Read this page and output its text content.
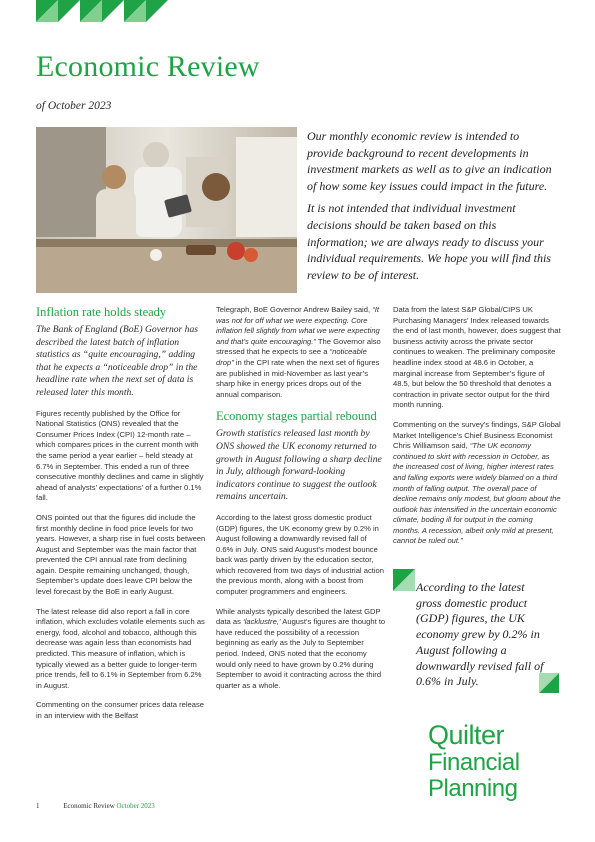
Economic Review
of October 2023

Our monthly economic review is intended to provide background to recent developments in investment markets as well as to give an indication of how some key issues could impact in the future.

It is not intended that individual investment decisions should be taken based on this information; we are always ready to discuss your individual requirements. We hope you will find this review to be of interest.

Inflation rate holds steady
The Bank of England (BoE) Governor has described the latest batch of inflation statistics as “quite encouraging,” adding that he expects a “noticeable drop” in the headline rate when the next set of data is released later this month.

Figures recently published by the Office for National Statistics (ONS) revealed that the Consumer Prices Index (CPI) 12-month rate – which compares prices in the current month with the same period a year earlier – held steady at 6.7% in September. This ended a run of three consecutive monthly declines and came in slightly ahead of analysts’ expectations’ of a further 0.1% fall.

ONS pointed out that the figures did include the first monthly decline in food price levels for two years. However, a sharp rise in fuel costs between August and September was the main factor that prevented the CPI annual rate from declining again. Despite remaining unchanged, though, September’s update does leave CPI below the level forecast by the BoE in early August.

The latest release did also report a fall in core inflation, which excludes volatile elements such as energy, food, alcohol and tobacco, although this decrease was again less than economists had predicted. This measure of inflation, which is typically viewed as a better guide to longer-term price trends, fell to 6.1% in September from 6.2% in August.

Commenting on the consumer prices data release in an interview with the Belfast

Telegraph, BoE Governor Andrew Bailey said, “It was not for off what we were expecting. Core inflation fell slightly from what we were expecting and that’s quite encouraging.” The Governor also stressed that he expects to see a “noticeable drop” in the CPI rate when the next set of figures are published in mid-November as last year’s sharp hike in energy prices drops out of the annual comparison.

Economy stages partial rebound
Growth statistics released last month by ONS showed the UK economy returned to growth in August following a sharp decline in July, although forward-looking indicators continue to suggest the outlook remains uncertain.

According to the latest gross domestic product (GDP) figures, the UK economy grew by 0.2% in August following a downwardly revised fall of 0.6% in July. ONS said August’s modest bounce back was partly driven by the education sector, which recovered from two days of industrial action the previous month, along with a boost from computer programmers and engineers.

While analysts typically described the latest GDP data as ‘lacklustre,’ August’s figures are thought to have reduced the possibility of a recession beginning as early as the July to September period. Indeed, ONS noted that the economy would only need to have grown by 0.2% during September to avoid it contracting across the third quarter as a whole.

Data from the latest S&P Global/CIPS UK Purchasing Managers’ Index released towards the end of last month, however, does suggest that business activity across the private sector continues to weaken. The preliminary composite headline index stood at 48.6 in October, a marginal increase from September’s figure of 48.5, but below the 50 threshold that denotes a contraction in private sector output for the third month running.

Commenting on the survey’s findings, S&P Global Market Intelligence’s Chief Business Economist Chris Williamson said, “The UK economy continued to skirt with recession in October, as the increased cost of living, higher interest rates and falling exports were widely blamed on a third month of falling output. The overall pace of decline remains only modest, but gloom about the outlook has intensified in the uncertain economic climate, boding ill for output in the coming months. A recession, albeit only mild at present, cannot be ruled out.”

According to the latest gross domestic product (GDP) figures, the UK economy grew by 0.2% in August following a downwardly revised fall of 0.6% in July.
Quilter
Financial
Planning
1	Economic Review October 2023
